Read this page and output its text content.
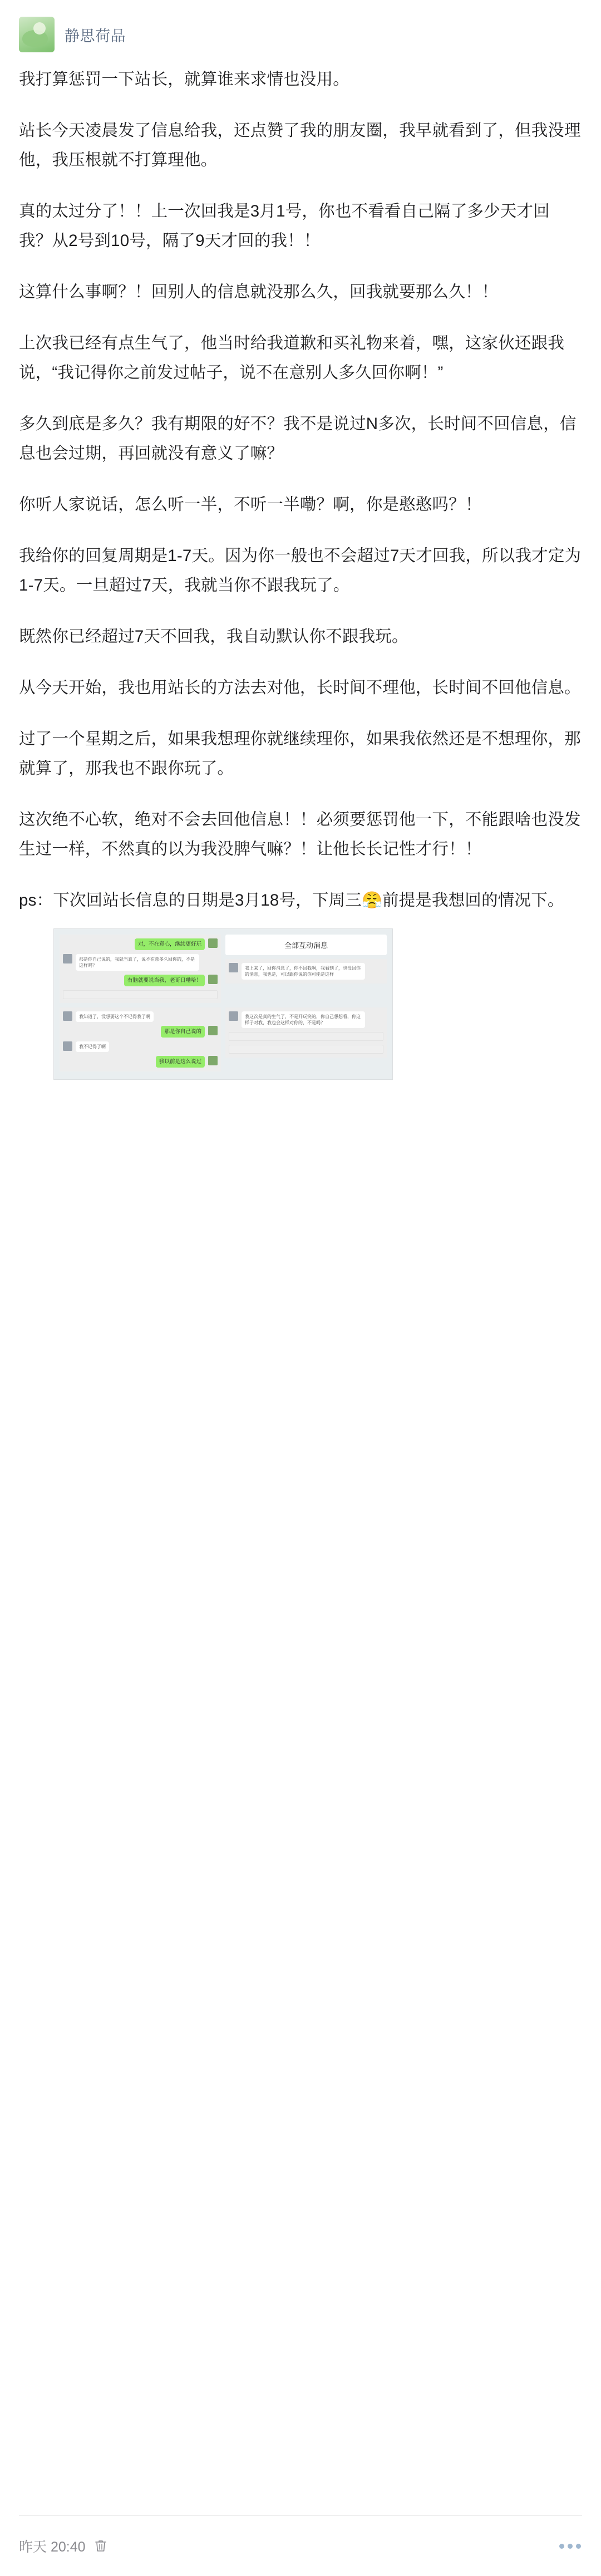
静思荷品

我打算惩罚一下站长，就算谁来求情也没用。

站长今天凌晨发了信息给我，还点赞了我的朋友圈，我早就看到了，但我没理他，我压根就不打算理他。

真的太过分了！！上一次回我是3月1号，你也不看看自己隔了多少天才回我？从2号到10号，隔了9天才回的我！！

这算什么事啊？！回别人的信息就没那么久，回我就要那么久！！

上次我已经有点生气了，他当时给我道歉和买礼物来着，嘿，这家伙还跟我说，“我记得你之前发过帖子，说不在意别人多久回你啊！”

多久到底是多久？我有期限的好不？我不是说过N多次，长时间不回信息，信息也会过期，再回就没有意义了嘛？

你听人家说话，怎么听一半，不听一半嘞？啊，你是憨憨吗？！

我给你的回复周期是1-7天。因为你一般也不会超过7天才回我，所以我才定为1-7天。一旦超过7天，我就当你不跟我玩了。

既然你已经超过7天不回我，我自动默认你不跟我玩。

从今天开始，我也用站长的方法去对他，长时间不理他，长时间不回他信息。

过了一个星期之后，如果我想理你就继续理你，如果我依然还是不想理你，那就算了，那我也不跟你玩了。

这次绝不心软，绝对不会去回他信息！！必须要惩罚他一下，不能跟啥也没发生过一样，不然真的以为我没脾气嘛？！让他长长记性才行！！

ps：下次回站长信息的日期是3月18号，下周三😤前提是我想回的情况下。

对，不在意心，继续更好玩
那是你自己说的，我就当真了，说不在意多久回你的，不是这样吗？
有脑就要说当我，老哥日嘞哈！
全部互动消息
我上来了，回你消息了，你不回我啊，我看到了，也没回你的消息，我也是，可以跟你说的你可能是这样
我知道了，没想要这个不记得我了啊
那是你自己说的
我不记得了啊
我以前是这么说过
我这次是真的生气了，不是开玩笑的，你自己想想看，你这样子对我，我也会这样对你的，不是吗？
昨天 20:40
